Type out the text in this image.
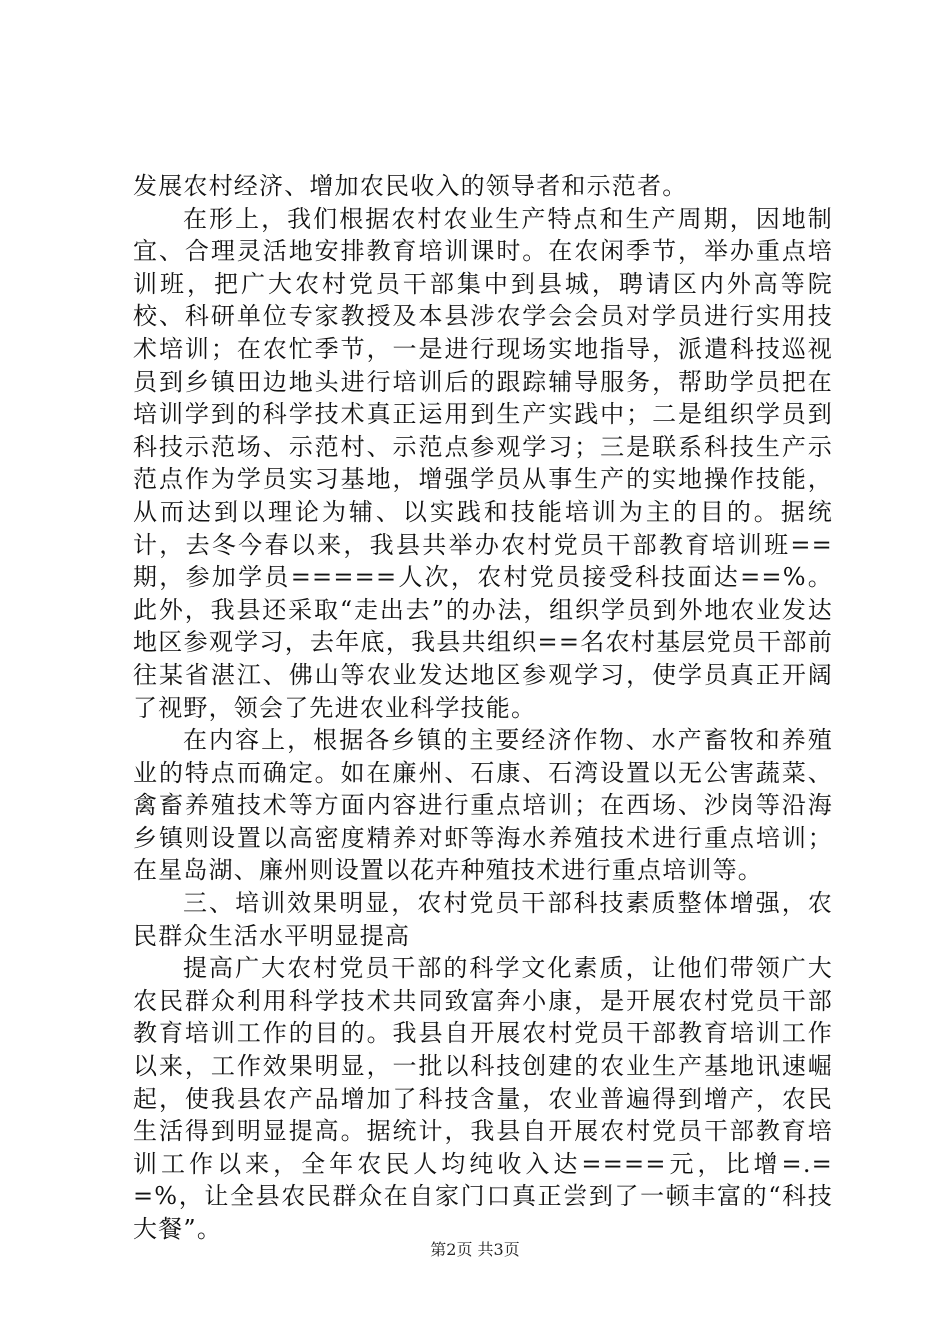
发展农村经济、增加农民收入的领导者和示范者。

在形上，我们根据农村农业生产特点和生产周期，因地制宜、合理灵活地安排教育培训课时。在农闲季节，举办重点培训班，把广大农村党员干部集中到县城，聘请区内外高等院校、科研单位专家教授及本县涉农学会会员对学员进行实用技术培训；在农忙季节，一是进行现场实地指导，派遣科技巡视员到乡镇田边地头进行培训后的跟踪辅导服务，帮助学员把在培训学到的科学技术真正运用到生产实践中；二是组织学员到科技示范场、示范村、示范点参观学习；三是联系科技生产示范点作为学员实习基地，增强学员从事生产的实地操作技能，从而达到以理论为辅、以实践和技能培训为主的目的。据统计，去冬今春以来，我县共举办农村党员干部教育培训班==期，参加学员=====人次，农村党员接受科技面达==%。此外，我县还采取“走出去”的办法，组织学员到外地农业发达地区参观学习，去年底，我县共组织==名农村基层党员干部前往某省湛江、佛山等农业发达地区参观学习，使学员真正开阔了视野，领会了先进农业科学技能。

在内容上，根据各乡镇的主要经济作物、水产畜牧和养殖业的特点而确定。如在廉州、石康、石湾设置以无公害蔬菜、禽畜养殖技术等方面内容进行重点培训；在西场、沙岗等沿海乡镇则设置以高密度精养对虾等海水养殖技术进行重点培训；在星岛湖、廉州则设置以花卉种殖技术进行重点培训等。

三、培训效果明显，农村党员干部科技素质整体增强，农民群众生活水平明显提高

提高广大农村党员干部的科学文化素质，让他们带领广大农民群众利用科学技术共同致富奔小康，是开展农村党员干部教育培训工作的目的。我县自开展农村党员干部教育培训工作以来，工作效果明显，一批以科技创建的农业生产基地讯速崛起，使我县农产品增加了科技含量，农业普遍得到增产，农民生活得到明显提高。据统计，我县自开展农村党员干部教育培训工作以来，全年农民人均纯收入达====元，比增=.==%，让全县农民群众在自家门口真正尝到了一顿丰富的“科技大餐”。

第2页 共3页
